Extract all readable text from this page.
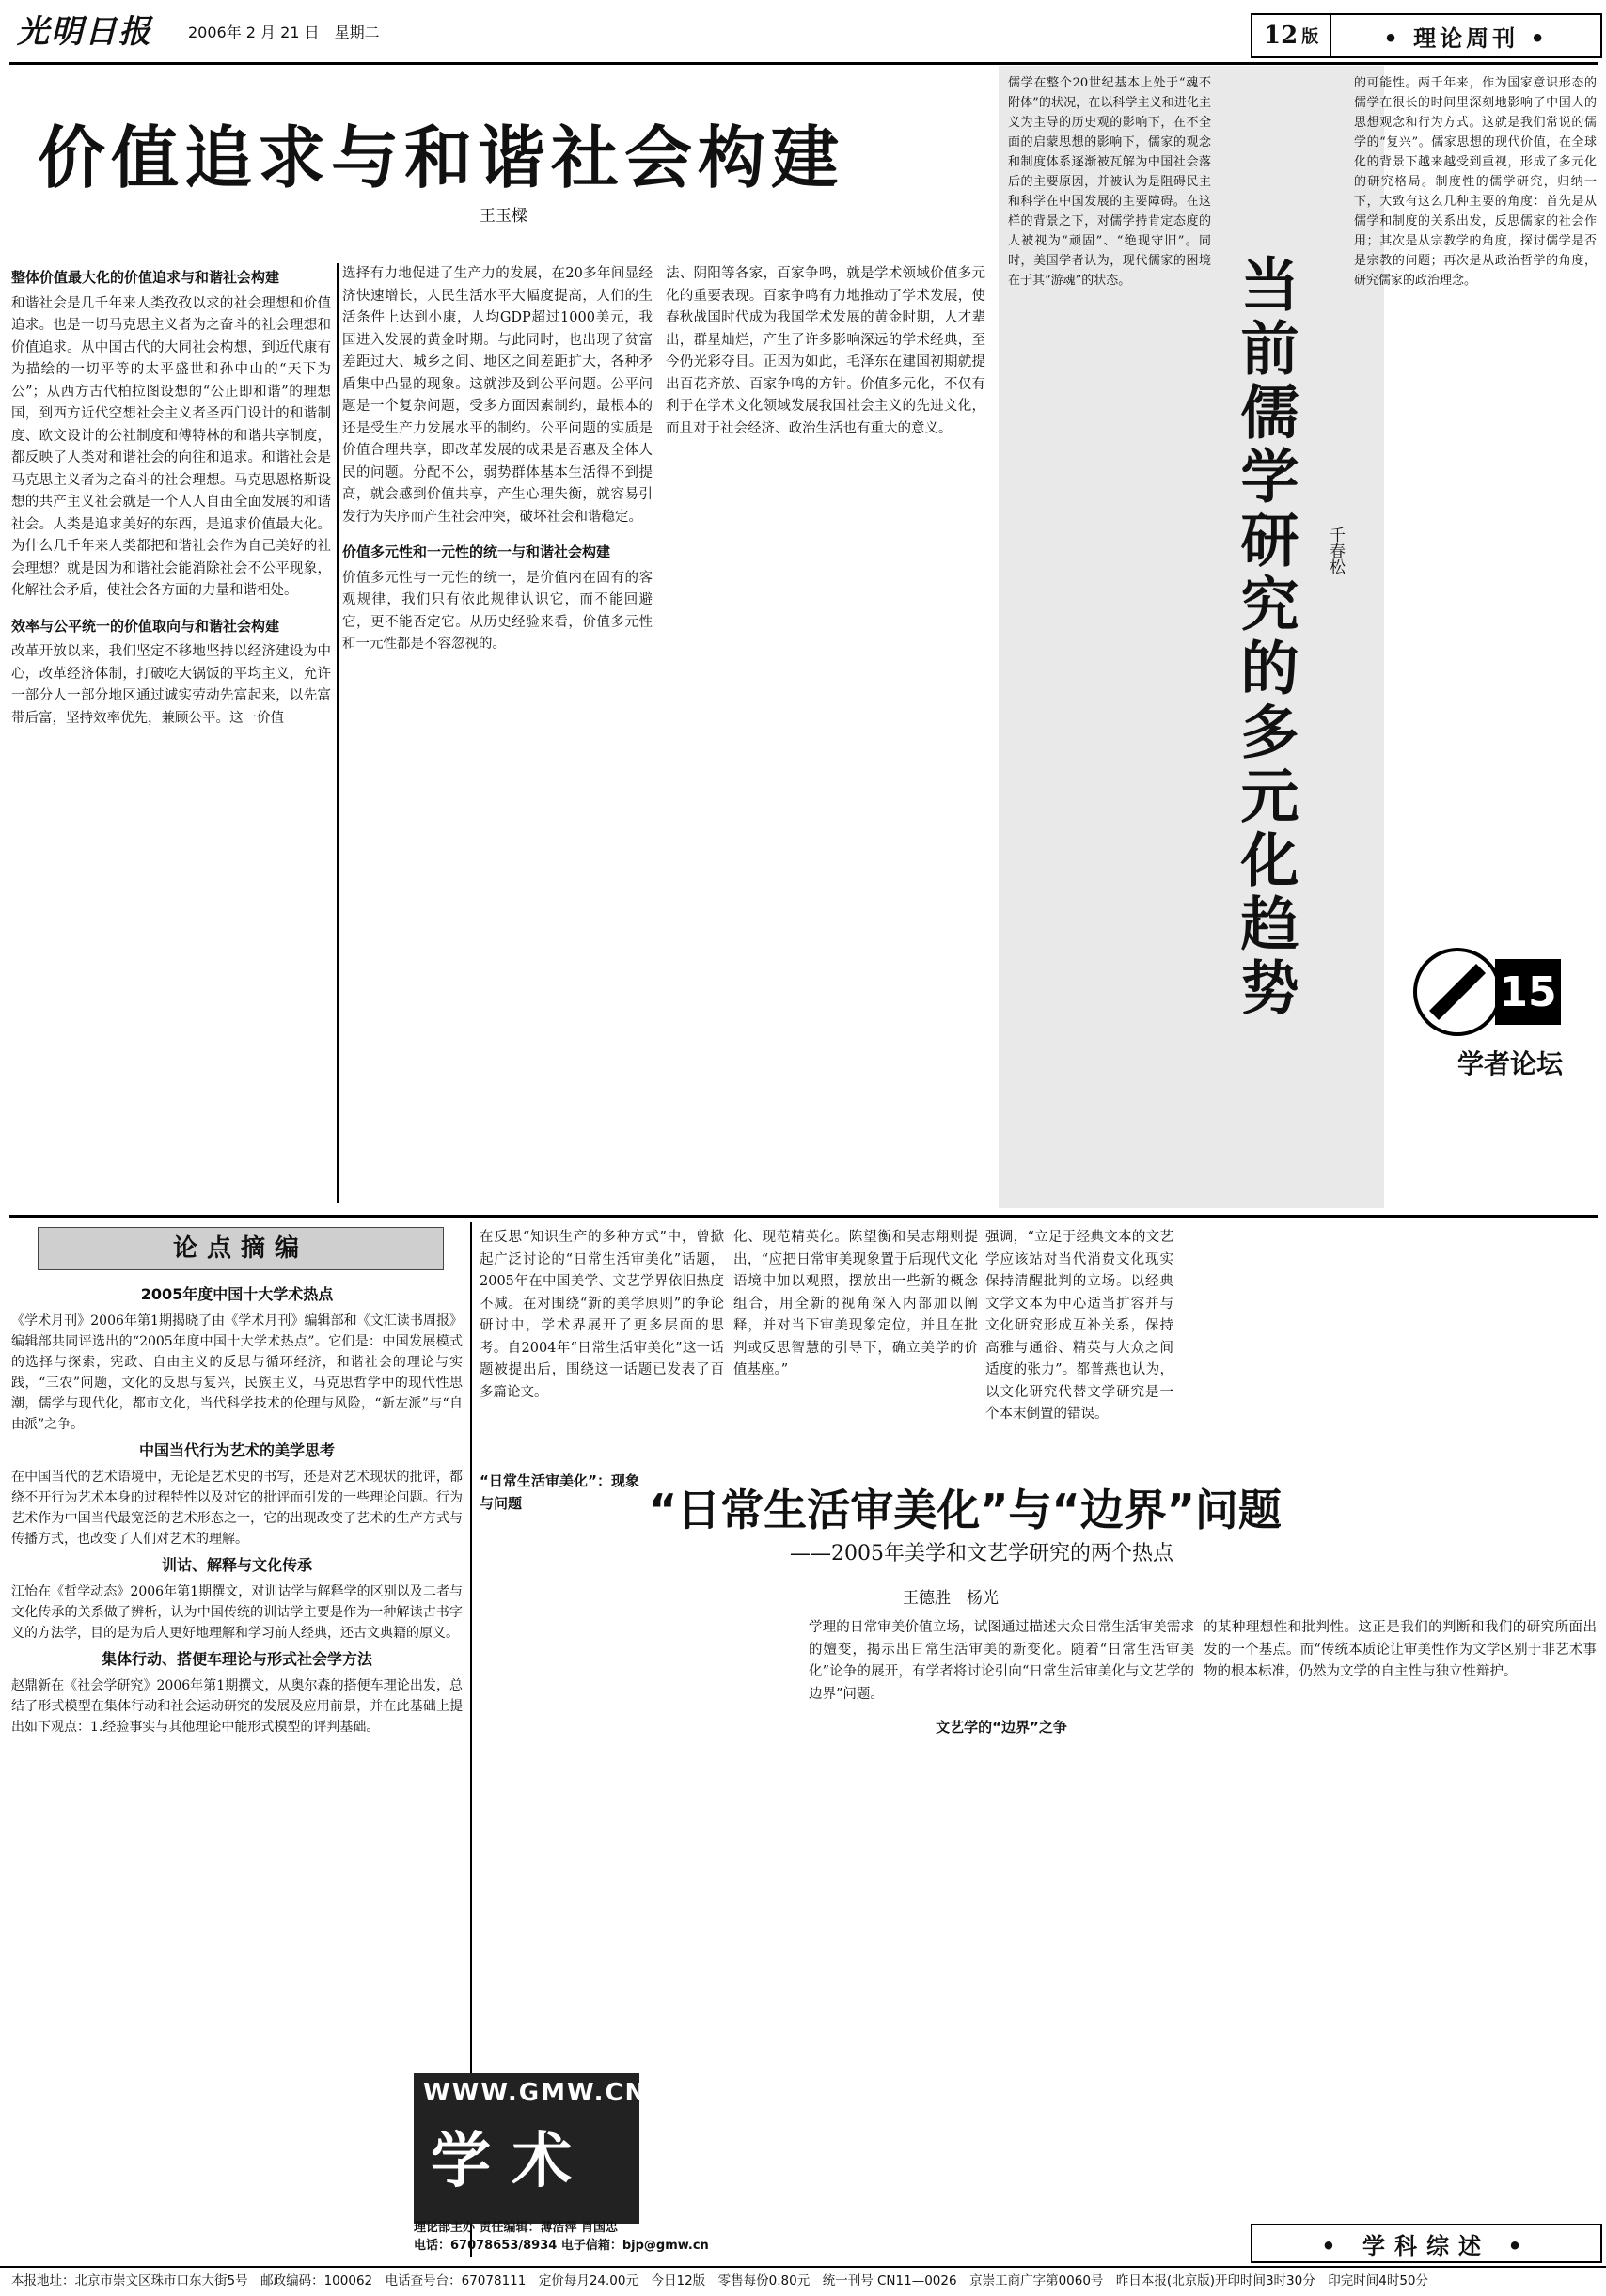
光明日报 2006年 2 月 21 日　星期二	12 版	• 理论周刊 •
价值追求与和谐社会构建
王玉樑
整体价值最大化的价值追求与和谐社会构建
和谐社会是几千年来人类孜孜以求的社会理想和价值追求。也是一切马克思主义者为之奋斗的社会理想和价值追求。从中国古代的大同社会构想，到近代康有为描绘的一切平等的太平盛世和孙中山的“天下为公”；从西方古代柏拉图设想的“公正即和谐”的理想国，到西方近代空想社会主义者圣西门设计的和谐制度、欧文设计的公社制度和傅特林的和谐共享制度，都反映了人类对和谐社会的向往和追求。和谐社会是马克思主义者为之奋斗的社会理想。马克思恩格斯设想的共产主义社会就是一个人人自由全面发展的和谐社会。人类是追求美好的东西，是追求价值最大化。为什么几千年来人类都把和谐社会作为自己美好的社会理想？就是因为和谐社会能消除社会不公平现象，化解社会矛盾，使社会各方面的力量和谐相处。
效率与公平统一的价值取向与和谐社会构建
改革开放以来，我们坚定不移地坚持以经济建设为中心，改革经济体制，打破吃大锅饭的平均主义，允许一部分人一部分地区通过诚实劳动先富起来，以先富带后富，坚持效率优先，兼顾公平。这一价值
选择有力地促进了生产力的发展，在20多年间显经济快速增长，人民生活水平大幅度提高，人们的生活条件上达到小康，人均GDP超过1000美元，我国进入发展的黄金时期。与此同时，也出现了贫富差距过大、城乡之间、地区之间差距扩大，各种矛盾集中凸显的现象。这就涉及到公平问题。公平问题是一个复杂问题，受多方面因素制约，最根本的还是受生产力发展水平的制约。公平问题的实质是价值合理共享，即改革发展的成果是否惠及全体人民的问题。分配不公，弱势群体基本生活得不到提高，就会感到价值共享，产生心理失衡，就容易引发行为失序而产生社会冲突，破坏社会和谐稳定。
价值多元性和一元性的统一与和谐社会构建
价值多元性与一元性的统一，是价值内在固有的客观规律，我们只有依此规律认识它，而不能回避它，更不能否定它。从历史经验来看，价值多元性和一元性都是不容忽视的。
法、阴阳等各家，百家争鸣，就是学术领域价值多元化的重要表现。百家争鸣有力地推动了学术发展，使春秋战国时代成为我国学术发展的黄金时期，人才辈出，群星灿烂，产生了许多影响深远的学术经典，至今仍光彩夺目。正因为如此，毛泽东在建国初期就提出百花齐放、百家争鸣的方针。价值多元化，不仅有利于在学术文化领域发展我国社会主义的先进文化，而且对于社会经济、政治生活也有重大的意义。
儒学在整个20世纪基本上处于“魂不附体”的状况，在以科学主义和进化主义为主导的历史观的影响下，在不全面的启蒙思想的影响下，儒家的观念和制度体系逐渐被瓦解为中国社会落后的主要原因，并被认为是阻碍民主和科学在中国发展的主要障碍。在这样的背景之下，对儒学持肯定态度的人被视为“顽固”、“绝现守旧”。同时，美国学者认为，现代儒家的困境在于其“游魂”的状态。	当前儒学研究的多元化趋势	千春松
的可能性。两千年来，作为国家意识形态的儒学在很长的时间里深刻地影响了中国人的思想观念和行为方式。这就是我们常说的儒学的“复兴”。儒家思想的现代价值，在全球化的背景下越来越受到重视，形成了多元化的研究格局。制度性的儒学研究，归纳一下，大致有这么几种主要的角度：首先是从儒学和制度的关系出发，反思儒家的社会作用；其次是从宗教学的角度，探讨儒学是否是宗教的问题；再次是从政治哲学的角度，研究儒家的政治理念。
15
学者论坛
论点摘编
2005年度中国十大学术热点
《学术月刊》2006年第1期揭晓了由《学术月刊》编辑部和《文汇读书周报》编辑部共同评选出的“2005年度中国十大学术热点”。它们是：中国发展模式的选择与探索，宪政、自由主义的反思与循环经济，和谐社会的理论与实践，“三农”问题，文化的反思与复兴，民族主义，马克思哲学中的现代性思潮，儒学与现代化，都市文化，当代科学技术的伦理与风险，“新左派”与“自由派”之争。
中国当代行为艺术的美学思考
在中国当代的艺术语境中，无论是艺术史的书写，还是对艺术现状的批评，都绕不开行为艺术本身的过程特性以及对它的批评而引发的一些理论问题。行为艺术作为中国当代最宽泛的艺术形态之一，它的出现改变了艺术的生产方式与传播方式，也改变了人们对艺术的理解。
训诂、解释与文化传承
江怡在《哲学动态》2006年第1期撰文，对训诂学与解释学的区别以及二者与文化传承的关系做了辨析，认为中国传统的训诂学主要是作为一种解读古书字义的方法学，目的是为后人更好地理解和学习前人经典，还古文典籍的原义。
集体行动、搭便车理论与形式社会学方法
赵鼎新在《社会学研究》2006年第1期撰文，从奥尔森的搭便车理论出发，总结了形式模型在集体行动和社会运动研究的发展及应用前景，并在此基础上提出如下观点：1.经验事实与其他理论中能形式模型的评判基础。
在反思“知识生产的多种方式”中，曾掀起广泛讨论的“日常生活审美化”话题，2005年在中国美学、文艺学界依旧热度不减。在对围绕“新的美学原则”的争论研讨中，学术界展开了更多层面的思考。自2004年“日常生活审美化”这一话题被提出后，围绕这一话题已发表了百多篇论文。
“日常生活审美化”：现象与问题
化、现范精英化。陈望衡和吴志翔则提出，“应把日常审美现象置于后现代文化语境中加以观照，摆放出一些新的概念组合，用全新的视角深入内部加以阐释，并对当下审美现象定位，并且在批判或反思智慧的引导下，确立美学的价值基座。”
强调，“立足于经典文本的文艺学应该站对当代消费文化现实保持清醒批判的立场。以经典文学文本为中心适当扩容并与文化研究形成互补关系，保持高雅与通俗、精英与大众之间适度的张力”。都普燕也认为，以文化研究代替文学研究是一个本末倒置的错误。
“日常生活审美化”与“边界”问题
——2005年美学和文艺学研究的两个热点
王德胜　杨光
学理的日常审美价值立场，试图通过描述大众日常生活审美需求的嬗变，揭示出日常生活审美的新变化。随着“日常生活审美化”论争的展开，有学者将讨论引向“日常生活审美化与文艺学的边界”问题。
文艺学的“边界”之争
的某种理想性和批判性。这正是我们的判断和我们的研究所面出发的一个基点。而“传统本质论让审美性作为文学区别于非艺术事物的根本标准，仍然为文学的自主性与独立性辩护。
WWW.GMW.CN
学 术
理论部主办 责任编辑：薄洁萍 肖国忠
电话：67078653/8934 电子信箱：bjp@gmw.cn	• 学科综述 •
本报地址：北京市崇文区珠市口东大街5号　邮政编码：100062　电话查号台：67078111　定价每月24.00元　今日12版　零售每份0.80元　统一刊号 CN11—0026　京崇工商广字第0060号　昨日本报(北京版)开印时间3时30分　印完时间4时50分
